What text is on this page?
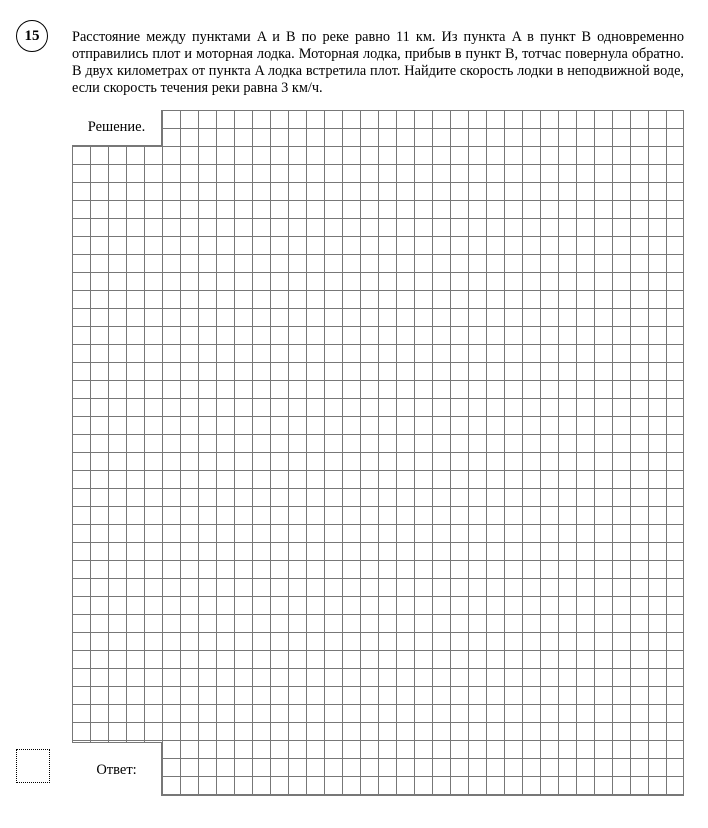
15 Расстояние между пунктами A и B по реке равно 11 км. Из пункта A в пункт B одновременно отправились плот и моторная лодка. Моторная лодка, прибыв в пункт B, тотчас повернула обратно. В двух километрах от пункта A лодка встретила плот. Найдите скорость лодки в неподвижной воде, если скорость течения реки равна 3 км/ч.

Решение.
Ответ:
